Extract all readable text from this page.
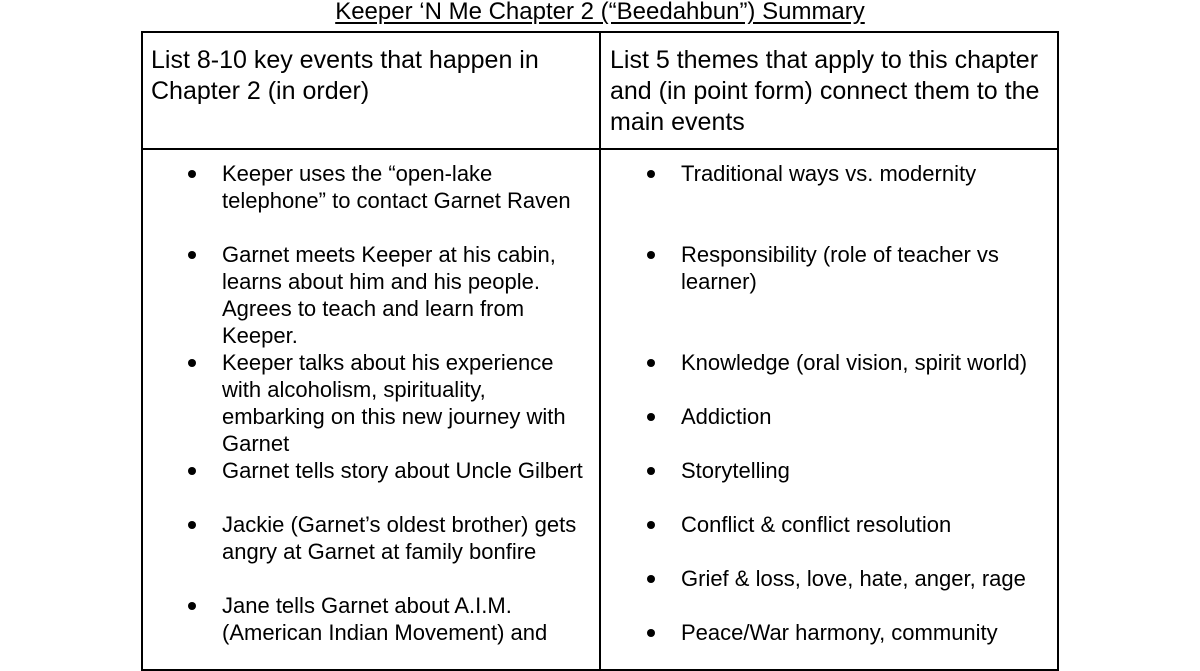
Keeper ‘N Me Chapter 2 (“Beedahbun”) Summary
List 8-10 key events that happen in Chapter 2 (in order)
List 5 themes that apply to this chapter and (in point form) connect them to the main events
Keeper uses the “open-lake telephone” to contact Garnet Raven
Garnet meets Keeper at his cabin, learns about him and his people. Agrees to teach and learn from Keeper.
Keeper talks about his experience with alcoholism, spirituality, embarking on this new journey with Garnet
Garnet tells story about Uncle Gilbert
Jackie (Garnet’s oldest brother) gets angry at Garnet at family bonfire
Jane tells Garnet about A.I.M. (American Indian Movement) and
Traditional ways vs. modernity
Responsibility (role of teacher vs learner)
Knowledge (oral vision, spirit world)
Addiction
Storytelling
Conflict & conflict resolution
Grief & loss, love, hate, anger, rage
Peace/War harmony, community
